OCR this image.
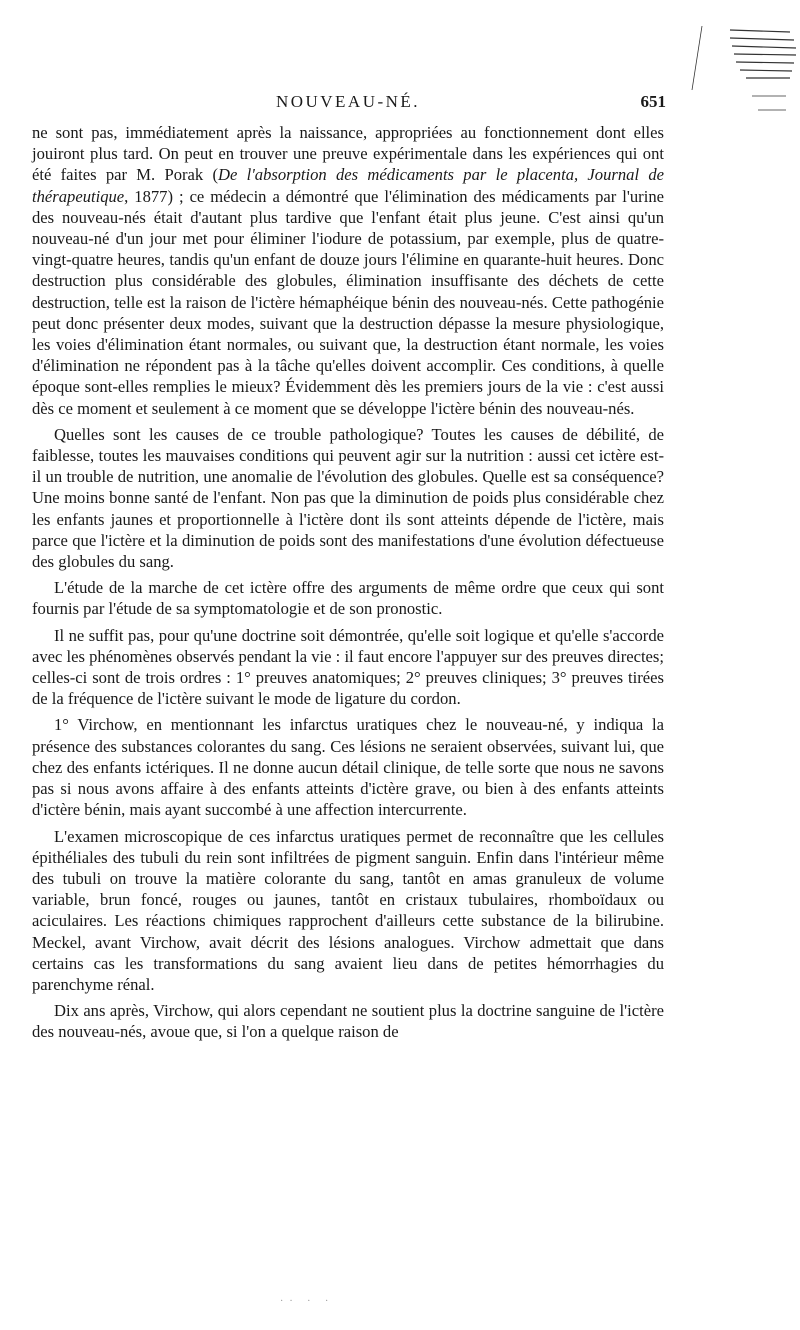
NOUVEAU-NÉ.	651

ne sont pas, immédiatement après la naissance, appropriées au fonctionnement dont elles jouiront plus tard. On peut en trouver une preuve expérimentale dans les expériences qui ont été faites par M. Porak (De l'absorption des médicaments par le placenta, Journal de thérapeutique, 1877) ; ce médecin a démontré que l'élimination des médicaments par l'urine des nouveau-nés était d'autant plus tardive que l'enfant était plus jeune. C'est ainsi qu'un nouveau-né d'un jour met pour éliminer l'iodure de potassium, par exemple, plus de quatre-vingt-quatre heures, tandis qu'un enfant de douze jours l'élimine en quarante-huit heures. Donc destruction plus considérable des globules, élimination insuffisante des déchets de cette destruction, telle est la raison de l'ictère hémaphéique bénin des nouveau-nés. Cette pathogénie peut donc présenter deux modes, suivant que la destruction dépasse la mesure physiologique, les voies d'élimination étant normales, ou suivant que, la destruction étant normale, les voies d'élimination ne répondent pas à la tâche qu'elles doivent accomplir. Ces conditions, à quelle époque sont-elles remplies le mieux? Évidemment dès les premiers jours de la vie : c'est aussi dès ce moment et seulement à ce moment que se développe l'ictère bénin des nouveau-nés.

Quelles sont les causes de ce trouble pathologique? Toutes les causes de débilité, de faiblesse, toutes les mauvaises conditions qui peuvent agir sur la nutrition : aussi cet ictère est-il un trouble de nutrition, une anomalie de l'évolution des globules. Quelle est sa conséquence? Une moins bonne santé de l'enfant. Non pas que la diminution de poids plus considérable chez les enfants jaunes et proportionnelle à l'ictère dont ils sont atteints dépende de l'ictère, mais parce que l'ictère et la diminution de poids sont des manifestations d'une évolution défectueuse des globules du sang.

L'étude de la marche de cet ictère offre des arguments de même ordre que ceux qui sont fournis par l'étude de sa symptomatologie et de son pronostic.

Il ne suffit pas, pour qu'une doctrine soit démontrée, qu'elle soit logique et qu'elle s'accorde avec les phénomènes observés pendant la vie : il faut encore l'appuyer sur des preuves directes; celles-ci sont de trois ordres : 1° preuves anatomiques; 2° preuves cliniques; 3° preuves tirées de la fréquence de l'ictère suivant le mode de ligature du cordon.

1° Virchow, en mentionnant les infarctus uratiques chez le nouveau-né, y indiqua la présence des substances colorantes du sang. Ces lésions ne seraient observées, suivant lui, que chez des enfants ictériques. Il ne donne aucun détail clinique, de telle sorte que nous ne savons pas si nous avons affaire à des enfants atteints d'ictère grave, ou bien à des enfants atteints d'ictère bénin, mais ayant succombé à une affection intercurrente.

L'examen microscopique de ces infarctus uratiques permet de reconnaître que les cellules épithéliales des tubuli du rein sont infiltrées de pigment sanguin. Enfin dans l'intérieur même des tubuli on trouve la matière colorante du sang, tantôt en amas granuleux de volume variable, brun foncé, rouges ou jaunes, tantôt en cristaux tubulaires, rhomboïdaux ou aciculaires. Les réactions chimiques rapprochent d'ailleurs cette substance de la bilirubine. Meckel, avant Virchow, avait décrit des lésions analogues. Virchow admettait que dans certains cas les transformations du sang avaient lieu dans de petites hémorrhagies du parenchyme rénal.

Dix ans après, Virchow, qui alors cependant ne soutient plus la doctrine sanguine de l'ictère des nouveau-nés, avoue que, si l'on a quelque raison de

·· · ·
